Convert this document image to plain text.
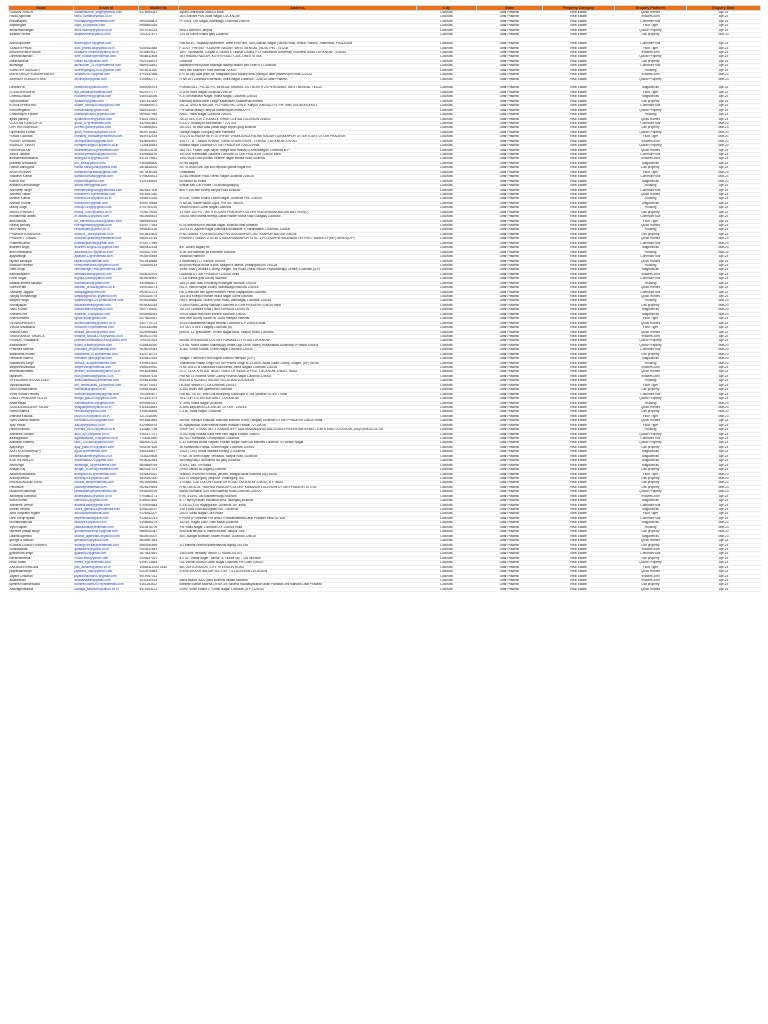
Name	Email Id	Mobile No	Address	City	State	Property Category	Enquiry Platform	Enquiry Date
SUMANTSINGH	sumantkumar_singh@yahoo.com	9178595341	Ayrani Jharkhand 258003 India	Lucknow	Uttar Pradesh	Real Estate	Quick Homes	Apr-23
Rahul Agnihotri	rahul_kumar@yahoo.co.in		16/4 Shivani Puri, Avas Nagar, LUCKNOW	Lucknow	Uttar Pradesh	Real Estate	99acres.com	Apr-23
mandhapley	mandapang@rediffmail.com	9990338801	FF7/524, Om Nagar, Alambagh, Lucknow 226005	Lucknow	Uttar Pradesh	Real Estate	CommonFloor	Apr-23
kapilsingam	kapil_e1@yahoo.com	9958560416		Lucknow	Uttar Pradesh	Real Estate	Floor Tiger	Apr-23
abhishekbhargav	abhii.nsdhrty@yahoo.co.in	9919750433	BBD Lucknow Campus	Lucknow	Uttar Pradesh	Real Estate	Quickr Property	Apr-23
sanjeev verma	sanjeevuser@yahoo.com	7052017677	12/159 Karve chand ganj Lucknow	Lucknow	Uttar Pradesh	Real Estate	Dzil property	Mar-23

AnkitSupnarbe	ankitsuppur.n@gmail.com		Flat No-E1, Swjaday Apartment, West End Park, Old Gulshan Nagar (Tanna Road, Ambal, Ranchi, Jharkhand, Pin-834006	Lucknow	Uttar Pradesh	Real Estate	CommonFloor	Apr-23
SANDEEPRAN	sdio_pranil158@yahoo.co.in	9140331646	F-1/227 "PARVAT" KAUSHIK NAGAR, WEST BENGAL, INDIA, PIN - 741235	Lucknow	Uttar Pradesh	Real Estate	Floor Tiger	Apr-23
BHASKERMISHRA36	bhasker27mishra@yahoo.co.in	9236409517	1807, Sikhbauka, Colpan II, Sector 5, Dilshar Colony, P.O. Sardeshar University, Kunbenti Road, LUCKNOW - 226025	Lucknow	Uttar Pradesh	Real Estate	99acres.com	Apr-23
Dineshkhasman	dine_bond89@rediffmail.com	9648511808	SETHIBAND NAGAR, KOTHI ROAD, CIVIL LINES SITNA	Lucknow	Uttar Pradesh	Real Estate	Quickr Property	Apr-23
niteshsaxena	nitesh.s92@yahoo.com	9021918973	Lucknow	Lucknow	Uttar Pradesh	Real Estate	Dzil property	Apr-23
abhisingh	abhikumar_1179@rediffmail.com	9889111883	satoarsen feed place,shahagil railway station plot Town n 1 Lucknow	Lucknow	Uttar Pradesh	Real Estate	CommonFloor	Apr-23
SURESHTGANGULY	sureshganguly1001@yahoo.com	9918311166	9B/3 vau lucknow i road lachhas 720001	Lucknow	Uttar Pradesh	Real Estate	Housing	Apr-23
MAHESHKUP KUMARPANDEY	dkumar2007@gmail.com	9792632588	p70 no city rudit pride off. bhagwale poor rotracy dinb- pansyur uttar pradesh pin code-222132	Lucknow	Uttar Pradesh	Real Estate	99acres.com	Mar-23
ABHINAY KUNGERTUKE	abhinay89@gmail.com	9196592777	H.No.181 Lucknow Extension, Indra Nagar Lucknow - 226016 Uttar Pradesh	Lucknow	Uttar Pradesh	Real Estate	Quickr Property	Mar-23

DeveshPal	iambenick@yahoo.com	9580090075	PURABTALL, PLCAL PO, BENGAL BHAWEL DST NORTH 24 PERGANAS, WEST BENGAL 743122	Lucknow	Uttar Pradesh	Real Estate	Magicbricks	Apr-23
JITENDERSINHA	ajit_kishali@rediffmail.com	9520377777	D-0/26 Indra Nagar Lucknow 226016	Lucknow	Uttar Pradesh	Real Estate	Floor Tiger	Apr-23
ChetnaChauon	mauerthemrg@gmail.com	9369318396	K-5, Krismasbuti Nagar, Indira Nagar, Lucknow 226016	Lucknow	Uttar Pradesh	Real Estate	Magicbricks	Apr-23
SyedDauelier	sjoatdnr@gmail.com	9387812800	Kathtwaj Mandi,Near Lodge Kalabaazh,Shaaderuki,Brindia	Lucknow	Uttar Pradesh	Real Estate	Dzil property	Apr-23
KOKNDIPMISHRA	nkdee_mcmej2008@yahoo.com	9456499972	291-A, GREEN NAGAR, PO: RAM PAC LINES, Kanpur 208001(U.P), PH: 0980 02416/0003004 1	Lucknow	Uttar Pradesh	Real Estate	CommonFloor	Apr-23
rhoroxetigaind	chirkanhabi@gmail.com	9889140457	F.R Naval sektaj Campus Maraniniyan thana U.P.I	Lucknow	Uttar Pradesh	Real Estate	Quickr Property	Apr-23
Chandrajum Pander	chandinpr/aa01@yahoo.com	9695107965	B/601, Hahs Nagar Lucknow 226001	Lucknow	Uttar Pradesh	Real Estate	Housing	Apr-23
ajothi pandey	ajoakshi0909@yahoo.com	9160175523	S/014 SECTOR 1, KANKLE VIHAR GORDA LUCKNOW 226001	Lucknow	Uttar Pradesh	Real Estate	Quick Homes	Apr-23
GOUTAM GANGUPTA	goloo_8?@rediffmail.com	9329392863	E/1327, Avadhpur Ashimabad 7 221 001	Lucknow	Uttar Pradesh	Real Estate	CommonFloor	Mar-23
DIPTHEN MAHBGE	puhem.guhe@yahoo.com	9136696631	281/291, Bt Irani road pahat bagh kopan gurg lucknow	Lucknow	Uttar Pradesh	Real Estate	Dzil property	Mar-23
Dipenindra Kumar	guari_bhavanul@yahoo.co.in	9839718452	Udhaje Nagari Tola ganj Near Hamsara	Lucknow	Uttar Pradesh	Real Estate	Quickr Property	Mar-23
RIHAB Lucknow	chinamy_bhosale@rediffmail.com	9839742154	1/127/4 SOHDRM NE R LETHPUR VHAMOUNLA PAONE NAGAR GORAKHPUR UTTAR STATE UTTAR PRADESH	Lucknow	Uttar Pradesh	Real Estate	Floor Tiger	Mar-23
RONNY DHAWAN	fanmytkhasoni@gmail.com	9336934997	334 / T - B. , ABADI KHANA , DHAK KHURD NOW , CHEHAT, LUCKNOW 226 001	Lucknow	Uttar Pradesh	Real Estate	99acres.com	Mar-23
INDRAJIT SINGH	indrajeet.singh21@yahoo.co.in	7139436643	Indiana nagar Lucknow UTTAR PRADESH 226023 India	Lucknow	Uttar Pradesh	Real Estate	Quickr Property	Mar-23
HUKINNALAM	muinalaman31@rediffmail.com	9540013195	28/1751, Phase Gaja Sayar Talega bodi Hazrat(1) Aminabagan, Lucknow M P	Lucknow	Uttar Pradesh	Real Estate	Quick Homes	Apr-23
Ashok Jaiswal	ashoscyemlar84@yahoo.com	9306668199	391/106 Ramwattar Gadeeni Lucknow UTTAR PRADESH 226006 India	Lucknow	Uttar Pradesh	Real Estate	CommonFloor	Apr-23
ashhaheksrivastava	aslingour11@gmail.com	9415179561	3391/1526 Lokh puriam Vinaree nagar ekbaur road Lucknow	Lucknow	Uttar Pradesh	Real Estate	99acres.com	Apr-23
pradeep srivastava	pro_seal@yahoo.com	9160556606	BT/46 Aliganj	Lucknow	Uttar Pradesh	Real Estate	Magicbricks	Apr-23
Harish Bahuguna	harish.bahuguna@yahoo.com	9818818030	AY/ VIJRAIN ME uyil lion republic gande nagar fno	Lucknow	Uttar Pradesh	Real Estate	Dzil property	Apr-23
ARUN KUMAR	kumararunprasad@gmail.com	9974436328	Ghaziabad	Lucknow	Uttar Pradesh	Real Estate	Floor Tiger	Mar-23
Shailesh Kumar	sumankumaris@gmail.com	9798006513	1/2/82 Meucde Poka, Nehru Nagar Lucknow 226016	Lucknow	Uttar Pradesh	Real Estate	CommonFloor	Mar-23
Kumar Rai	rkrjlw09@yahoo.com	9101616616	B9 sector 62 noida	Lucknow	Uttar Pradesh	Real Estate	Magicbricks	Mar-23
avinash Karmarulage	amuls.met@gmail.com		charan sec 106 Phase -1II Aliha!ughanpuj	Lucknow	Uttar Pradesh	Real Estate	Housing	Apr-23
Aurodeep singh	mandeepanjpoling@farmaail.com	9526637008	and 7/156 dan colony kanpur road lucknow	Lucknow	Uttar Pradesh	Real Estate	CommonFloor	Apr-23
Abinesh Yadav	mansreen73@rediffmail.com	9918391280		Lucknow	Uttar Pradesh	Real Estate	Quick Homes	Apr-23
Minesh Kumar	manish2165@yahoo.co.in	9358912435	9/1330, Vinam Khand Gomti Nagar, Lucknow PIN- 226010	Lucknow	Uttar Pradesh	Real Estate	Housing	Apr-23
Anirash Kumar	manish650@gmail.com	9996778658	H.No-86, Sadar Bazar, Agra- PIN No. 280001	Lucknow	Uttar Pradesh	Real Estate	Magicbricks	Apr-23
Manoj Singh	manoj2019jtp@gmail.com	9792763230	Vinam Khand Gomti Nagar Lucknow	Lucknow	Uttar Pradesh	Real Estate	Housing	Apr-23
MANOJ PANDEY	manoj_0050@yahoo.co.in	7036379169	13 VBR 100 PO - WITH ROOMS PRADESH COLONY BIJESHWANI NAGAR BAS NOR(L)	Lucknow	Uttar Pradesh	Real Estate	Dzil property	Apr-23
mohammad abbas	m.abbas01@yahoo.com	9616946614	246/45 New Mama Bheeja Dabar Harder Mona road Golaganj Lucknow	Lucknow	Uttar Pradesh	Real Estate	CommonFloor	Apr-23
amit Bansal	mr_bbrnmti3005060@yahoo.com	9889549926		Lucknow	Uttar Pradesh	Real Estate	Floor Tiger	Apr-23
Neeraj pandey	neerajpandey@gmail.com	9305777063	B-76,ravindra puri,ravinda nagar, lucknow,uttar pradesh	Lucknow	Uttar Pradesh	Real Estate	Quick Homes	Apr-23
ravi Pandey	ravipandey@yahoo.co.in	9956061126	292/1410, Aaneet nagar Rabindra Ambedkar 9, Varanlaawe, Lucknow, 226008	Lucknow	Uttar Pradesh	Real Estate	Housing	Apr-23
PRAKASHCHANDRA	sunis31_1666@yahoo.co.in	9316632803	H.NO 458/58, PO-KHAISGANJ PIN GHATAMPUR DIST KANPUR NAGAR 209206	Lucknow	Uttar Pradesh	Real Estate	Dzil property	Apr-23
PRASHET TIWARI	success1prashet@rediffmail.com	9889133766	PRASHET NIWAS D-57/38 C KAKARAWANPUR STILL-1 PO-TASHYA HALDWANI DISTRICT BAREILLY(MP) 289001(U.P)	Lucknow	Uttar Pradesh	Real Estate	Quick Homes	Mar-23
PrateekKumar	prateekjaunzes@gmail.com	9795777989		Lucknow	Uttar Pradesh	Real Estate	CommonFloor	Mar-23
avaneet singh	avaneet.singh4201@gmail.com	9889432185	a.e. colony aliganj fm	Lucknow	Uttar Pradesh	Real Estate	Magicbricks	Mar-23
amol srivastava	advudda0207@yahoo.com	9305327180	A-nd 309 lacknow ye indrimme lucknow	Lucknow	Uttar Pradesh	Real Estate	Housing	Mar-23
ajaylatsingh	ajaltsibh12@rediffmail.com	9935976664	Vikasnat Hamroni	Lucknow	Uttar Pradesh	Real Estate	CommonFloor	Apr-23
rajnish kanaujia	rajnihon@rediffmail.com	9010438888	II-laborstary L17 Kanpur 208026	Lucknow	Uttar Pradesh	Real Estate	Quick Homes	Apr-23
kulbudin ramesh	indbycmarathui29@yahoo.com	7048169144	alil pura rednia moha a prof. saagan a district- pratapgarh pin 230128	Lucknow	Uttar Pradesh	Real Estate	Housing	Apr-23
Ram Singh	ramobsingh.1960@rediffmail.com		Vivek Vihar (Vindhra Colony) Paigan, BIll Road, (Near Neoon Physiotherapy Centre) Lucknow (U.P)	Lucknow	Uttar Pradesh	Real Estate	Magicbricks	Apr-23
trabobsakalen	tarebabidalis@yahoo.com	9406032976	Lucknow UTTAR PRADESH 226016 India	Lucknow	Uttar Pradesh	Real Estate	99acres.com	Apr-23
Rohit Gujjar	mgujra.j2486@yahoo.com	9839936800	C-1/8 kulesa girls colony lucknow	Lucknow	Uttar Pradesh	Real Estate	CommonFloor	Apr-23
kailaan ahmed siddiqui	nurnistsubui@gmail.com	9305588671	28/13 Ladd Jaidi A building mohingae lucknow 226003	Lucknow	Uttar Pradesh	Real Estate	Housing	Apr-23
SureshPath	dariearl_50366@yahoo.co.in	9305768174	NO.3, Vidhut nagar colony, vidhaskagu lucknow 226016	Lucknow	Uttar Pradesh	Real Estate	Quick Homes	Apr-23
Sandeep Jaggas	sandjaggas@me.com	9926012273	Ra ) Desk ten sefi Ilgeet manmei Penar Rajatpuram Lucknow	Lucknow	Uttar Pradesh	Real Estate	CommonFloor	Apr-23
Sanjay Kumarsingh	sanjaysgph1987@yahoo.com	9263325775	14/1004 Kherjuli mardiff Indira nagar Gomti lucknow	Lucknow	Uttar Pradesh	Real Estate	Quick Homes	Apr-23
sanjeev singh	sanjeevsingh121@radiuscore.com	9936338883	Ra) 9, Bhoipuar, Shanti Vihar Road, Ashilsagaj, Lucknow 226016	Lucknow	Uttar Pradesh	Real Estate	Housing	Mar-23
nirmalyadav	ankaranirmal@gmail.com	9936004316	V-2890 Kaila Colony Nandan Lucknow UTTAR PRADESH 226016 India	Lucknow	Uttar Pradesh	Real Estate	Dzil property	Mar-23
Sanu Kumar	sanukumar08@yahoo.com	9507716830	1/8 223 Chandra Vihar Delhi KAPADIA 110092 IN	Lucknow	Uttar Pradesh	Real Estate	Magicbricks	Mar-23
Shailesh mit	shailesh_03@yahoo.com	9096998053	SH/26 sakal mall Wan sheenh lucknow 226010	Lucknow	Uttar Pradesh	Real Estate	Magicbricks	Mar-23
SheHumberts	fgbde.amt@gmail.com	9379528941	new lime colony house no 102/8 rhiltspur vashnal	Lucknow	Uttar Pradesh	Real Estate	Floor Tiger	Apr-23
DEVASDPANDEY	devasd.pandey@yahoo.co.in	9307770721	203/3 Katakattaria Nagar Nehran Lucknow U.P 226016 India	Lucknow	Uttar Pradesh	Real Estate	Quick Homes	Apr-23
Vinood srivastava	vinood9970@rediffmail.com	9201830456	1/9 /201 S Sec 1 Aliganj Lucknow (U)	Lucknow	Uttar Pradesh	Real Estate	Floor Tiger	Apr-23
Shaufa Kash	shaufa_kash98@yahoo.com	9326995883	plot no: 11, ghosasere, Triveni Nagar Bhot, Sitapur Road, Lucknow	Lucknow	Uttar Pradesh	Real Estate	Quick Homes	Apr-23
SHASHANKAT SHUKLA	shashis_shukla1700@yahoo.co.in	9839221765		Lucknow	Uttar Pradesh	Real Estate	99acres.com	Apr-23
PRANAC Srivastava	prakhits.srivastava2008@yahoo.com	7090761933	56/266 VRINDAVAN COLONY RAMABELLY ROAD LUCKNOW	Lucknow	Uttar Pradesh	Real Estate	Quickr Property	Apr-23
shankhaider	shaiki_haider@yahoo.com	9186816430	C/c.No. Mohd Sablei Shamkijuyy Seare,Opp.Chok Tower),Husainabad,Lucknow(U.P)India 226003	Lucknow	Uttar Pradesh	Real Estate	Quickr Property	Mar-23
Prashant saxena	prashant_pfx@rediffmail.com	9936019444	1/165, Vinam Khand, Gomti Nagar Lucknow 226010	Lucknow	Uttar Pradesh	Real Estate	CommonFloor	Mar-23
siddhartha mobeti	siddhartha_01@rediffmail.com	9320711073		Lucknow	Uttar Pradesh	Real Estate	Dzil property	Mar-23
Hemanth mishra	hemanth.rgoe@gmail.com	9305812524	Village- Thlbroom Post Bugrat District Fatehpur (U.P.)	Lucknow	Uttar Pradesh	Real Estate	Magicbricks	Mar-23
Shailendra Singh	shecks_a18@indiatimes.com	9199913832	Shailendra Pratap Singh S/o Sri Prrsenli Singh B-1/L5905, Awas Vikas Colony, Sitapur, (UP) INDIA	Lucknow	Uttar Pradesh	Real Estate	Housing	Mar-23
sanjeevsrivastava	sanjeevsbdjrediffmail.com	9986039910	H-no 164/10 kl chakzzahl road barfsd Jhitra Nagaur Lucknow 226026	Lucknow	Uttar Pradesh	Real Estate	99acres.com	Apr-23
ambrishsrivastav	ambish_srivastava@yahoo.co.in	9918339668	ST-2, CLOCK ROAD, NEAR TIMES OF INDIA OFFICE, LUCKNOW 226001, INDIA	Lucknow	Uttar Pradesh	Real Estate	Quick Homes	Apr-23
rajdinseh	lyun.pratexnal@yahoo.co.in	9985197136	Plot No 15 Sharma Vihar Colony Kharsa Nagar Lucknow 226003	Lucknow	Uttar Pradesh	Real Estate	99acres.com	Apr-23
SYEDUMAIR ASSAB ZAIDI	swaumalab666@rediffmail.com	9206436486	8/4/159 B KUNDUT NAGAR SECUDANI LUCKNOW	Lucknow	Uttar Pradesh	Real Estate	Housing	Apr-23
Vipulchaudsali	fbo_nemsuakas_13@yahoo.com	9936774031	i-B-548, sector-H, LDA Lucknow 226012	Lucknow	Uttar Pradesh	Real Estate	Floor Tiger	Apr-23
varun kumarmishra	varunikar@gmail.com	9389418383	A-184 vishni fam apartment Lucknow	Lucknow	Uttar Pradesh	Real Estate	Dzil property	Apr-23
Vivek Kumar Pandey	vivekumarspandey@gmail.com	7903990877	Flat No- 7B 107 Hab Gulf Bhanpirtg Subsoupa U7/54 yardndh 20780 7 India	Lucknow	Uttar Pradesh	Real Estate	CommonFloor	Apr-23
DINDIT PRAKASH GOLDI	tmago_gau2004@yahoo.com	9211547574	SECTOR E-5 394 ALIGARLI , LUCKNOW	Lucknow	Uttar Pradesh	Real Estate	Quickr Property	Apr-23
BhatPrasad	KeithadipernGo@gmail.com	9999954321	9 -3981 Indira Nagar Lucknow	Lucknow	Uttar Pradesh	Real Estate	Housing	Mar-23
SAGUDEAKAJESH YADAV	ysagliakjesh@yahoo.co.in	9116340840	A-4/84.kaja abud LUCKNOW ,UTTAR - 226016	Lucknow	Uttar Pradesh	Real Estate	Quick Homes	Mar-23
RahulSharma	rahulmail@yahoo.com	9145038856	C/116, Vikas Nagar, Lucknow	Lucknow	Uttar Pradesh	Real Estate	Dzil property	Mar-23
Jitendra Kaluaia	jitu200100l@yahoo.co.in	1212318390		Lucknow	Uttar Pradesh	Real Estate	Floor Tiger	Mar-23
Syed Usama Hashmi	kmHasrus2929@gmail.com	9918683869	380/85, Rafiquir Kasulas, Machais Mandov Road, Daliganj Lucknow UTTAR PRADESH 226020 India	Lucknow	Uttar Pradesh	Real Estate	Quick Homes	Apr-23
Ajay Yadav	aaj03jiv@yahoo.co.in	9125965192	8L Ayayaidaun Mukhomiras Itwari Hussain Husain 72 Oc/028	Lucknow	Uttar Pradesh	Real Estate	Floor Tiger	Apr-23
Hemint raman	hemant_01000@yahoo.co.in	9106807798	SHOP NO: 4 PANG NO: 1 KANANDEPT SANJHIMANASHAI BALLEOKN PRSEHA 9NOOHBOTTOM K KING LUCKNOW, 206(Y)SNOD-OC-08	Lucknow	Uttar Pradesh	Real Estate	Housing	Apr-23
Abhishek Sinikon	abhi_oy79@yahoo.co.in	9161677372	1/152,Vijay Prasad Saini neer ranr nagar Kanpur 208001	Lucknow	Uttar Pradesh	Real Estate	Quickr Property	Apr-23
adithagarwal	agarwaladiti8_04@yahoo.co.in	7705393460	857/107 Ramkatia, Chowpalyan, Lucknow	Lucknow	Uttar Pradesh	Real Estate	CommonFloor	Apr-23
Aditakarl Sharma	iabo_1210obo@yahoo.com	9889202125	E-12 Ramahi Bersa Rajaniv Pruram Nagar Ram Sai Mandes Lucknow 7D Vikash Nagar	Lucknow	Uttar Pradesh	Real Estate	Quickr Property	Apr-23
AjaySingh	ajay_yadi1970@yahoo.com	9452397826	36 Karavbhao Pottas, Gomti nagar, Lucknow 226010	Lucknow	Uttar Pradesh	Real Estate	Dzil property	Apr-23
AJAY KUSHWAHA(P)	ajy283@rediffmail.com	9384168877	2/624 (73/0) Vishal vsisbaik ronting 3 Lucknow	Lucknow	Uttar Pradesh	Real Estate	Magicbricks	Apr-23
BhrilibhoSingh	abhilbulkmer@yahoo.co.in	7036129608	P-No- 05 Sethi nagar, Tehibaza, Sitapur road, Lucknow	Lucknow	Uttar Pradesh	Real Estate	Magicbricks	Apr-23
KOETHONBLDS	ankitmalda201@gmail.com	9936042964	38Vihay(Vas)2 Isholdnria dol ganj Lucknow	Lucknow	Uttar Pradesh	Real Estate	Magicbricks	Apr-23
AmitSingh	amitsingh_0s@rediffmail.com	9808859769	A-4/91, Sec- 09 Noida	Lucknow	Uttar Pradesh	Real Estate	Magicbricks	Apr-23
Anajan Raj	anajan_r10mvl@rediffmail.com	8604357474	JX/64 Sarker 66 Aliganj,Lucknow	Lucknow	Uttar Pradesh	Real Estate	Dzil property	Apr-23
AshwiniSrivastava	ashupal2001@rediffmail.com	9336839411	Vrathou TeLmnrsnTInfeda, jalt,keh, Bangla bazar lucknow (up) INDIA	Lucknow	Uttar Pradesh	Real Estate	Floor Tiger	Mar-23
AnurajSeema	aneeraj214@yahoo.com	9839392400	81/170 dravjal ganj, yadpura, Thakurganj, fno	Lucknow	Uttar Pradesh	Real Estate	Dzil property	Mar-23
BHENAUNDNBTISHIA	unobal_ali9@rediffmail.com	9815949984	370/586, LDA COLONY KANPUR ROAD, LUCKNOW 226012, U.P INDIA	Lucknow	Uttar Pradesh	Real Estate	Dzil property	Mar-23
Pavdhuve	paartu@rediffmail.com	9928129695	H NO 4A/3128, YAKPMA IRAULAR COLONY KANANAR LUCKNOW UTTAR PRADESH 227105	Lucknow	Uttar Pradesh	Real Estate	Dzil property	Mar-23
Mukundh Baudhyn	jahawarahuji9@rediffmail.com	9938169199	Marco Sunderal 4/25 Rani Bareilly Road Lucknow 226020	Lucknow	Uttar Pradesh	Real Estate	Quickr Property	Mar-23
Ashwajhd kumarac	ashedijalka1@yahoo.co.in	9793861171	b no. 513/91, old kushbehrougu lucknow	Lucknow	Uttar Pradesh	Real Estate	99acres.com	Apr-23
barun kumar	barun3502@gmail.com	9186922662	a-77 ayeri,prasani industrial area, nadirganj,lucknow	Lucknow	Uttar Pradesh	Real Estate	Magicbricks	Apr-23
Abhishek Verma	anabha.abhi@gmail.com	9794939884	E-14/13 (123) Rajajipuram, Lucknow, UP, India	Lucknow	Uttar Pradesh	Real Estate	CommonFloor	Apr-23
umesh mishra	umes_gkmlt033@rediffmail.com	9208316197	138 s park road aliu egaen run - Lucknow	Lucknow	Uttar Pradesh	Real Estate	Magicbricks	Apr-23
Amit Omprekh Rigam	aboi.68t@rediffmail.com	9126352207	2/520, Vikas Nagar Curo Road	Lucknow	Uttar Pradesh	Real Estate	Floor Tiger	Apr-23
Devi ShrujPayeah	farperivinshal@live.com	9135512213	9 Pirnol (P Shandar Pur Bhai D Fairzabaitsbad,Uttar Pradesh India 207826	Lucknow	Uttar Pradesh	Real Estate	CommonFloor	Apr-23
MuhammadFaiz	fauxzee1@yahoo.co.in	9198656278	342/19, Rajjah Darz, Rais Bazar,Lucknow	Lucknow	Uttar Pradesh	Real Estate	Magicbricks	Mar-23
Vipul Napan	jitalikaosaill@rediffmail.com	9415478705	Y/8 Vikas Nagar, Lucknow U.P 226018 India	Lucknow	Uttar Pradesh	Real Estate	Housing	Mar-23
rajendra pratap singh	goutambopraxojr1@gmail.com	9889910347	N/A local secrtor 8, vatodi dhanm Jalbpur Jaul	Lucknow	Uttar Pradesh	Real Estate	Dzil property	Mar-23
Dilama Agerwal	dnama_agerwal92@yahoo.com	9830576207	306, Mangal Bhawan, Model House, Lucknow 226018	Lucknow	Uttar Pradesh	Real Estate	Magicbricks	Mar-23
george a manuel	geoapamu@yahoo.com	9838957544		Lucknow	Uttar Pradesh	Real Estate	Quick Homes	Apr-23
KOBBALGANSH SHARRT	dhalkgn.sh/kas@rediffmail.com	9984930669	1/2 Mahtha cinema sidinbharshai Ngrag 234 016	Lucknow	Uttar Pradesh	Real Estate	Dzil property	Apr-23
Sicitkaoolaat	gwada509@yahoo.co.in	9303512642		Lucknow	Uttar Pradesh	Real Estate	99acres.com	Apr-23
gyanendra singh	gyanen52@gmail.com	9873452891	1464 Ikhti Terwalay Sector 17 Noida 201301	Lucknow	Uttar Pradesh	Real Estate	CommonFloor	Apr-23
harishilsharma	hollos.lssh@yahoo.com	9106637021	a-c 33 , vdkas nagar , sector -4, House No. - 118 lucknow	Lucknow	Uttar Pradesh	Real Estate	Dzil property	Apr-23
hetal Yadav	hetlss_lxj@rediffmail.com	9306713884	G/1 Vidhan Khand Gomti Nagar Lucknow Pin Code 226010	Lucknow	Uttar Pradesh	Real Estate	Quickr Property	Apr-23
ZAKIAGERSHAJAN	pali_akhaer@yahoo.co.in	1988811111M 2545	581, ALFICA BASHI, CITY STESSION ROAD	Lucknow	Uttar Pradesh	Real Estate	Floor Tiger	Apr-23
jaiprakashsingh	jayprakk_56p@yahoo.com	9215976864	3-9/96 VIKASH NAGAR SECTOR 7-4 LUCKNOW LUCKNOW	Lucknow	Uttar Pradesh	Real Estate	Quick Homes	Apr-23
Jayant Chauhan	jayantchauhan87@gmail.com	9919947311		Lucknow	Uttar Pradesh	Real Estate	99acres.com	Apr-23
alkaraibhan	dhanalsaaan@gmail.com	9234190153	babul aazad 00/22 pant lucknow vikash lucknow	Lucknow	Uttar Pradesh	Real Estate	99acres.com	Apr-23
kamlesh kamwnsawa	komlesh.bam000?@rediffmail.com	9161163512	kamlesh kumar saxena LRSM 3/4 Saxena Raubasyarapun avan Parawat Dihi Mahoba Uttar Pradesh	Lucknow	Uttar Pradesh	Real Estate	Dzil property	Apr-23
Aashagmvaamia	kartaga_sanjnom@yahoo.co.in	9915163113	2/590, Vivek Khand 2, Gomti Nagar, Lucknow (U.P.) 226010	Lucknow	Uttar Pradesh	Real Estate	Quick Homes	Apr-23
